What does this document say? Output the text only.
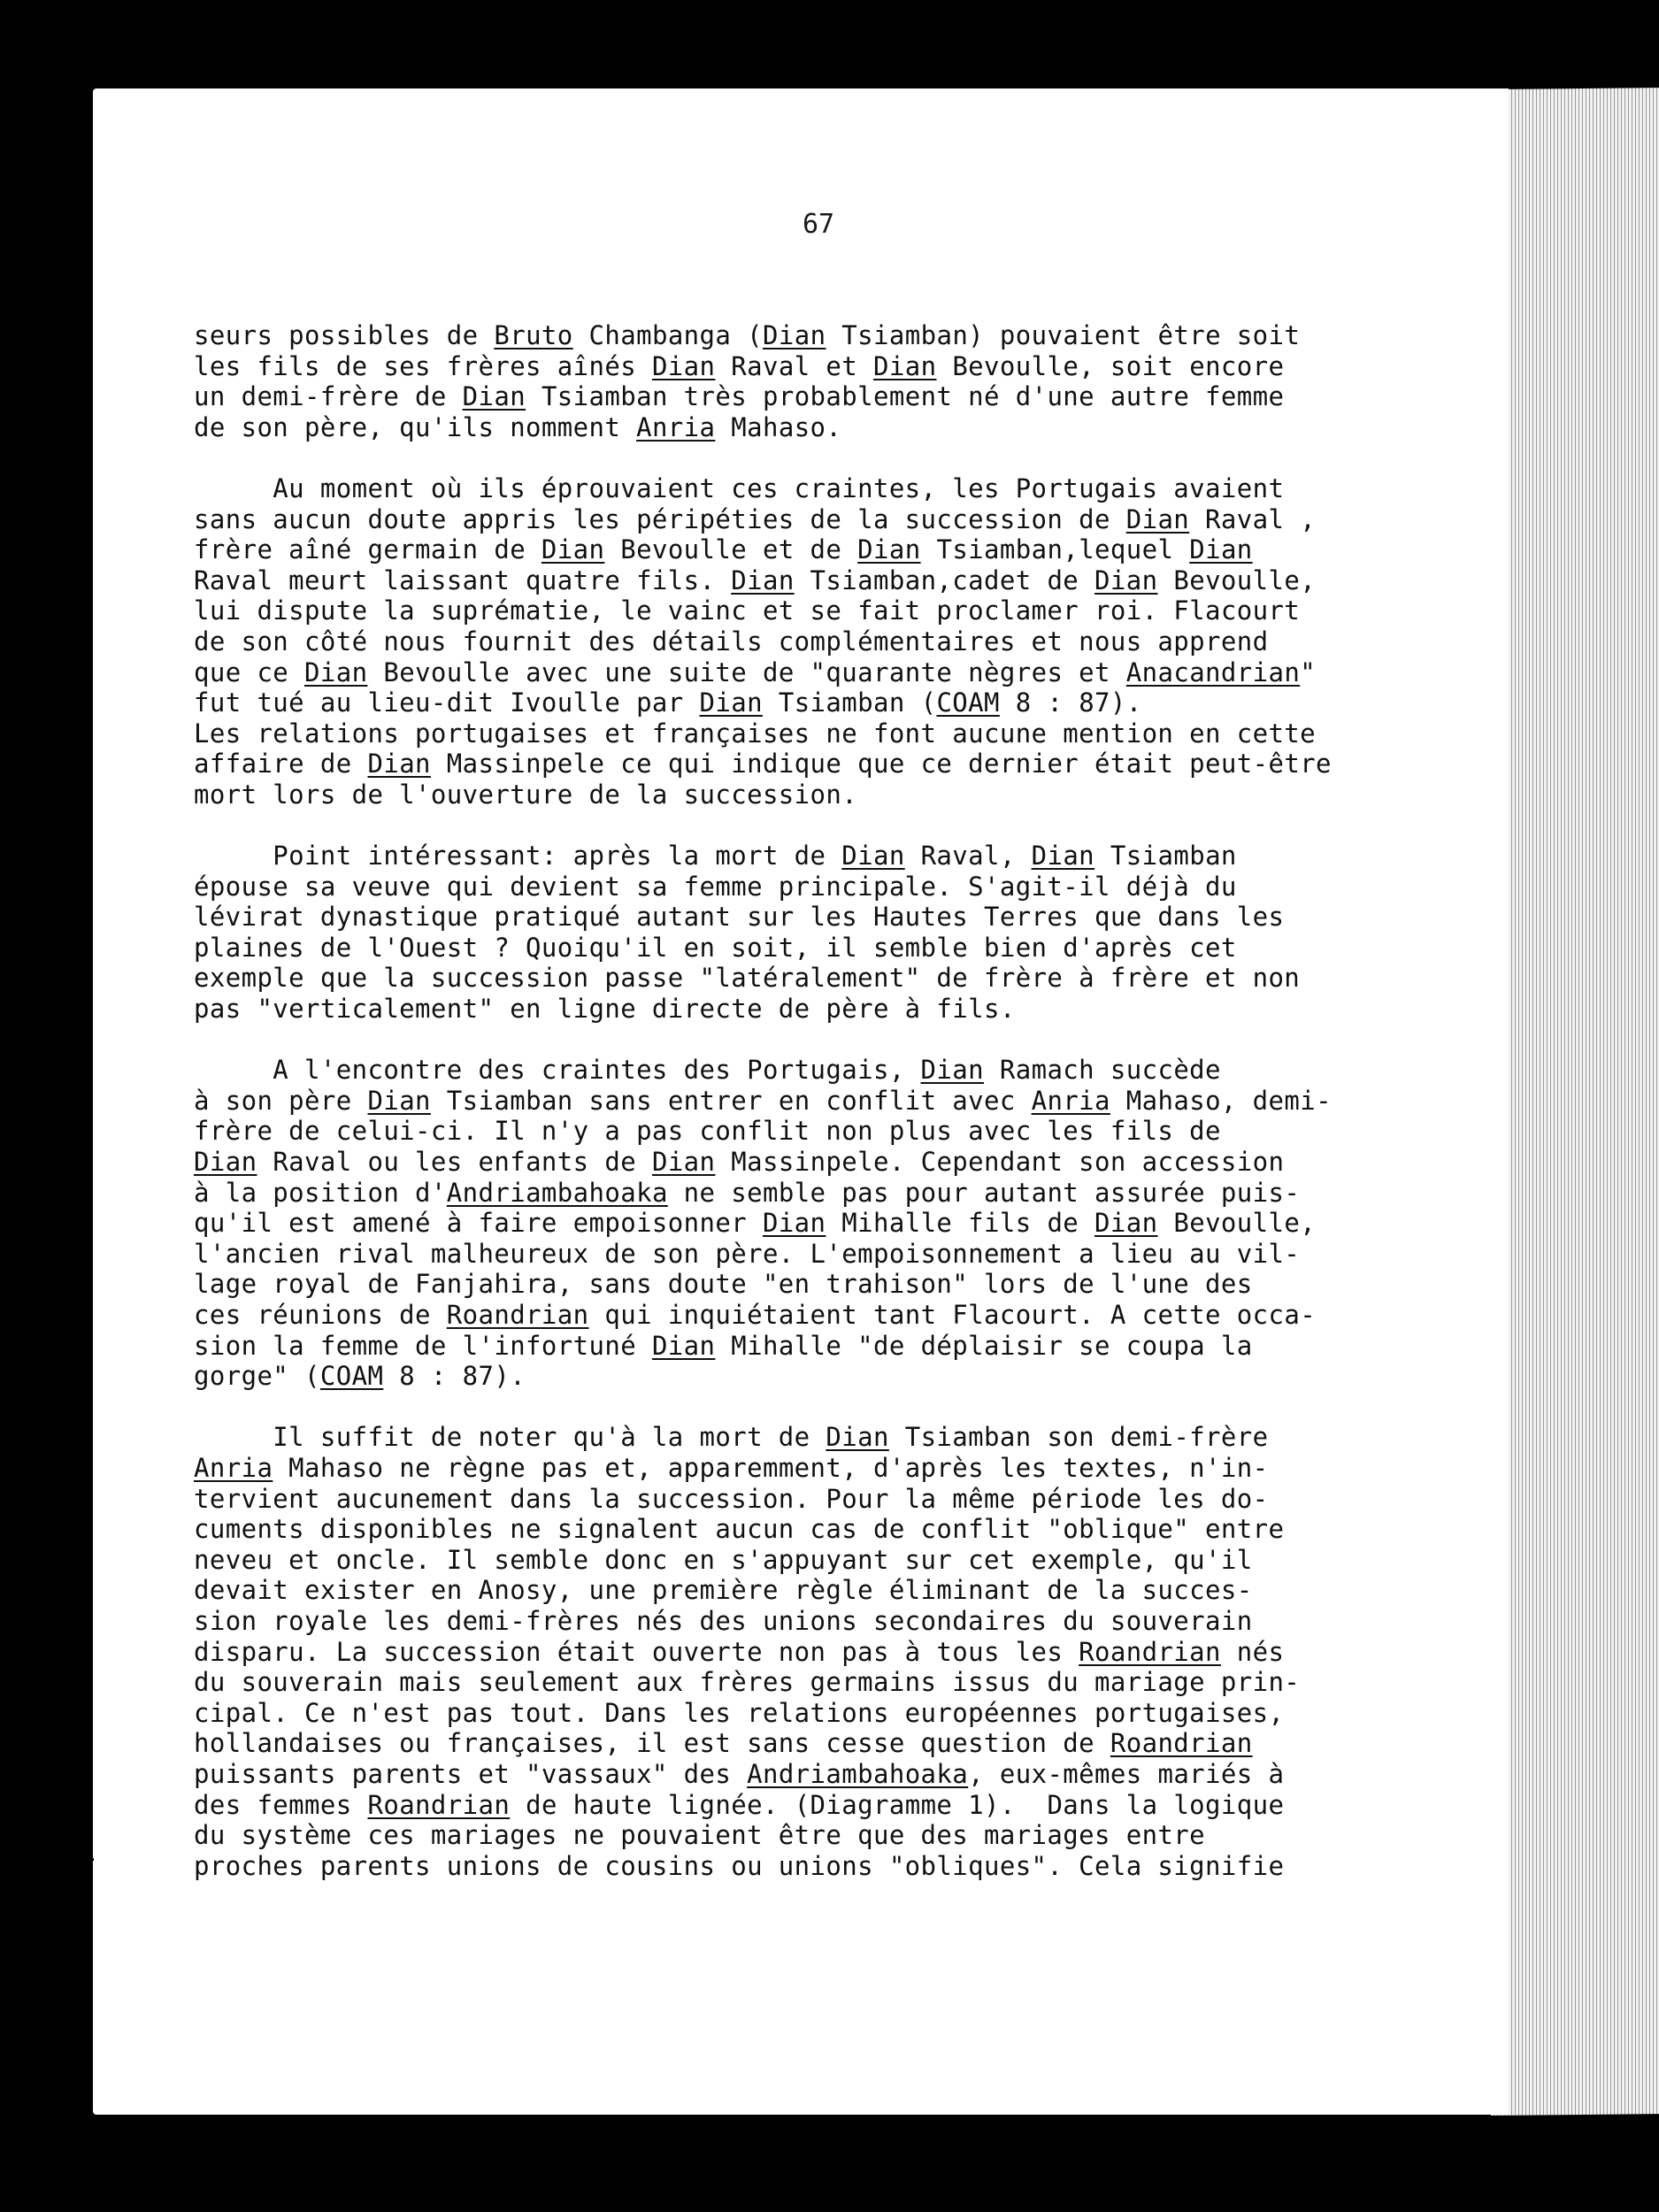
67
seurs possibles de Bruto Chambanga (Dian Tsiamban) pouvaient être soit
les fils de ses frères aînés Dian Raval et Dian Bevoulle, soit encore
un demi-frère de Dian Tsiamban très probablement né d'une autre femme
de son père, qu'ils nomment Anria Mahaso.
Au moment où ils éprouvaient ces craintes, les Portugais avaient
sans aucun doute appris les péripéties de la succession de Dian Raval ,
frère aîné germain de Dian Bevoulle et de Dian Tsiamban,lequel Dian
Raval meurt laissant quatre fils. Dian Tsiamban,cadet de Dian Bevoulle,
lui dispute la suprématie, le vainc et se fait proclamer roi. Flacourt
de son côté nous fournit des détails complémentaires et nous apprend
que ce Dian Bevoulle avec une suite de "quarante nègres et Anacandrian"
fut tué au lieu-dit Ivoulle par Dian Tsiamban (COAM 8 : 87).
Les relations portugaises et françaises ne font aucune mention en cette
affaire de Dian Massinpele ce qui indique que ce dernier était peut-être
mort lors de l'ouverture de la succession.
Point intéressant: après la mort de Dian Raval, Dian Tsiamban
épouse sa veuve qui devient sa femme principale. S'agit-il déjà du
lévirat dynastique pratiqué autant sur les Hautes Terres que dans les
plaines de l'Ouest ? Quoiqu'il en soit, il semble bien d'après cet
exemple que la succession passe "latéralement" de frère à frère et non
pas "verticalement" en ligne directe de père à fils.
A l'encontre des craintes des Portugais, Dian Ramach succède
à son père Dian Tsiamban sans entrer en conflit avec Anria Mahaso, demi-
frère de celui-ci. Il n'y a pas conflit non plus avec les fils de
Dian Raval ou les enfants de Dian Massinpele. Cependant son accession
à la position d'Andriambahoaka ne semble pas pour autant assurée puis-
qu'il est amené à faire empoisonner Dian Mihalle fils de Dian Bevoulle,
l'ancien rival malheureux de son père. L'empoisonnement a lieu au vil-
lage royal de Fanjahira, sans doute "en trahison" lors de l'une des
ces réunions de Roandrian qui inquiétaient tant Flacourt. A cette occa-
sion la femme de l'infortuné Dian Mihalle "de déplaisir se coupa la
gorge" (COAM 8 : 87).
Il suffit de noter qu'à la mort de Dian Tsiamban son demi-frère
Anria Mahaso ne règne pas et, apparemment, d'après les textes, n'in-
tervient aucunement dans la succession. Pour la même période les do-
cuments disponibles ne signalent aucun cas de conflit "oblique" entre
neveu et oncle. Il semble donc en s'appuyant sur cet exemple, qu'il
devait exister en Anosy, une première règle éliminant de la succes-
sion royale les demi-frères nés des unions secondaires du souverain
disparu. La succession était ouverte non pas à tous les Roandrian nés
du souverain mais seulement aux frères germains issus du mariage prin-
cipal. Ce n'est pas tout. Dans les relations européennes portugaises,
hollandaises ou françaises, il est sans cesse question de Roandrian
puissants parents et "vassaux" des Andriambahoaka, eux-mêmes mariés à
des femmes Roandrian de haute lignée. (Diagramme 1).  Dans la logique
du système ces mariages ne pouvaient être que des mariages entre
proches parents unions de cousins ou unions "obliques". Cela signifie
